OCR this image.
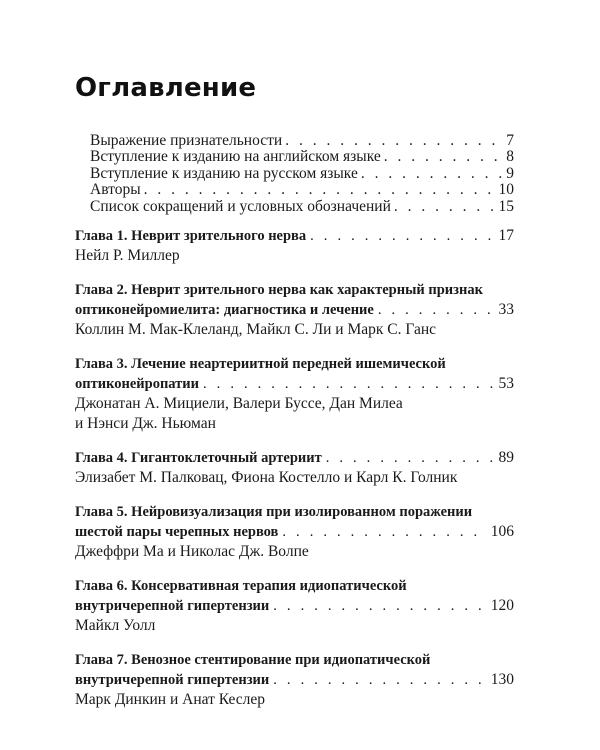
Оглавление
Выражение признательности . . .	7
Вступление к изданию на английском языке . . .	8
Вступление к изданию на русском языке . . .	9
Авторы . . .	10
Список сокращений и условных обозначений . . .	15
Глава 1. Неврит зрительного нерва . . .	17
Нейл Р. Миллер
Глава 2. Неврит зрительного нерва как характерный признак
оптиконейромиелита: диагностика и лечение . . .	33
Коллин М. Мак-Клеланд, Майкл С. Ли и Марк С. Ганс
Глава 3. Лечение неартериитной передней ишемической
оптиконейропатии . . .	53
Джонатан А. Мициели, Валери Буссе, Дан Милеа
и Нэнси Дж. Ньюман
Глава 4. Гигантоклеточный артериит . . .	89
Элизабет М. Палковац, Фиона Костелло и Карл К. Голник
Глава 5. Нейровизуализация при изолированном поражении
шестой пары черепных нервов . . .	106
Джеффри Ма и Николас Дж. Волпе
Глава 6. Консервативная терапия идиопатической
внутричерепной гипертензии . . .	120
Майкл Уолл
Глава 7. Венозное стентирование при идиопатической
внутричерепной гипертензии . . .	130
Марк Динкин и Анат Кеслер
